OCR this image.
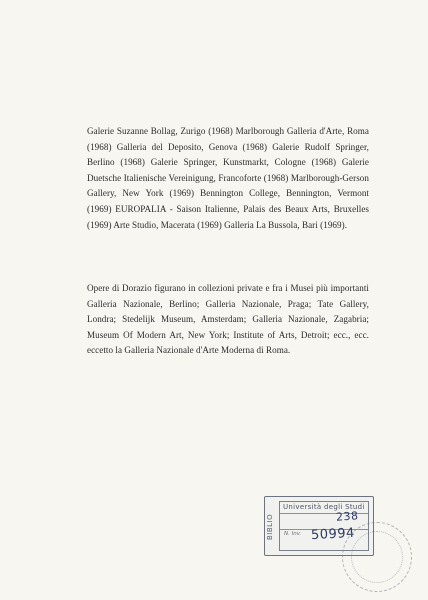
Galerie Suzanne Bollag, Zurigo (1968) Marlborough Galleria d'Arte, Roma (1968) Galleria del Deposito, Genova (1968) Galerie Rudolf Springer, Berlino (1968) Galerie Springer, Kunstmarkt, Cologne (1968) Galerie Duetsche Italienische Vereinigung, Francoforte (1968) Marlborough-Gerson Gallery, New York (1969) Bennington College, Bennington, Vermont (1969) EUROPALIA - Saison Italienne, Palais des Beaux Arts, Bruxelles (1969) Arte Studio, Macerata (1969) Galleria La Bussola, Bari (1969).

Opere di Dorazio figurano in collezioni private e fra i Musei più importanti Galleria Nazionale, Berlino; Galleria Nazionale, Praga; Tate Gallery, Londra; Stedelijk Museum, Amsterdam; Galleria Nazionale, Zagabria; Museum Of Modern Art, New York; Institute of Arts, Detroit; ecc., ecc. eccetto la Galleria Nazionale d'Arte Moderna di Roma.

BIBLIO
Università degli Studi
N. Inv.
238
50994
